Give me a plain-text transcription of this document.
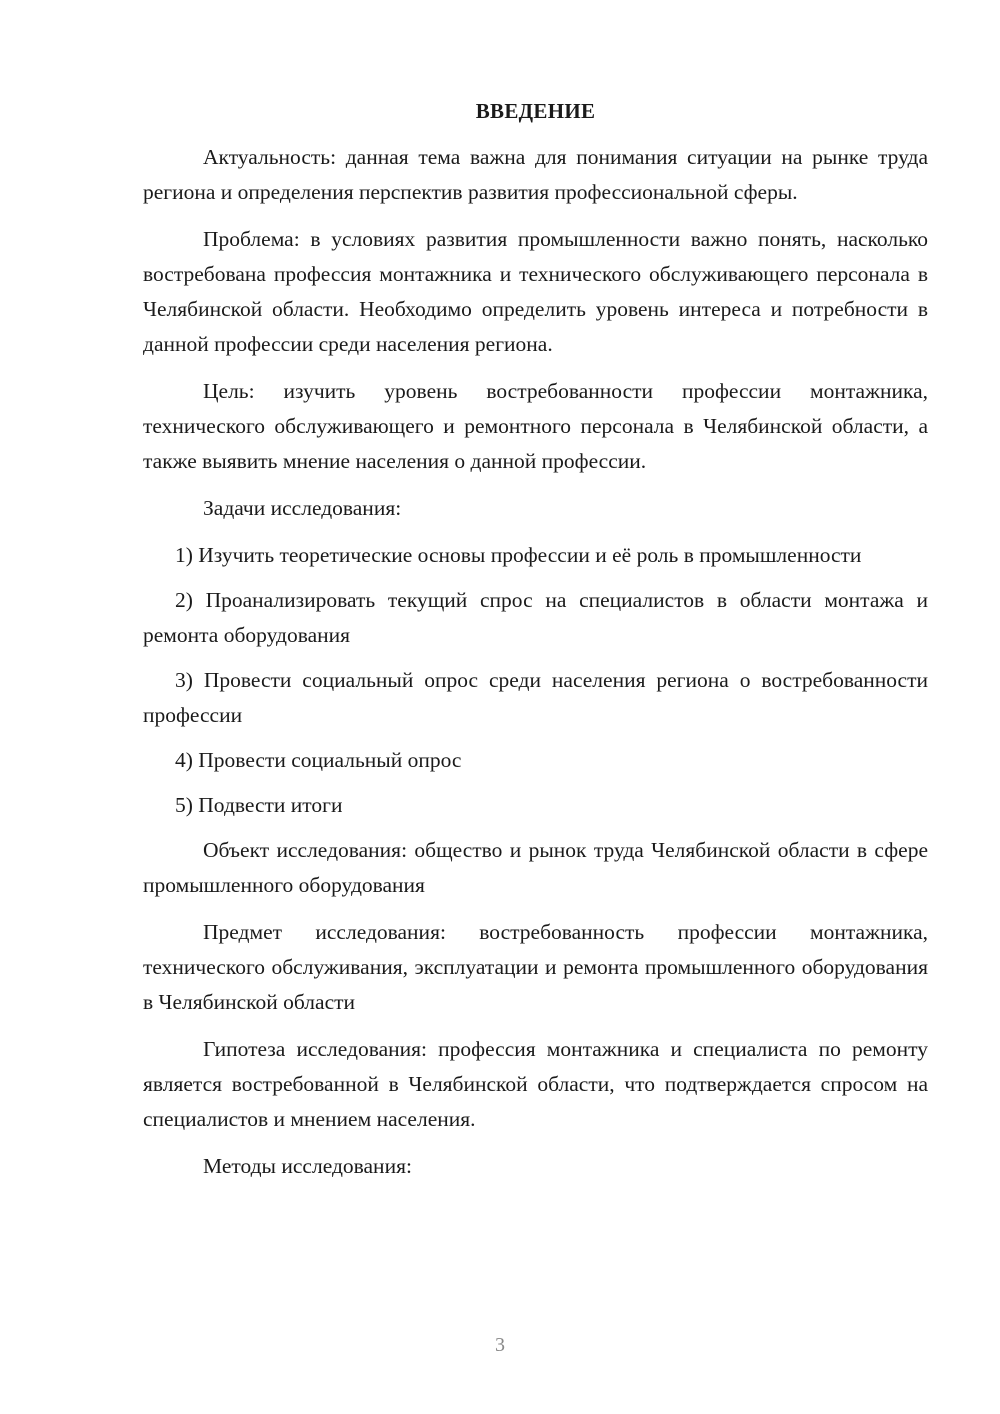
ВВЕДЕНИЕ

Актуальность: данная тема важна для понимания ситуации на рынке труда региона и определения перспектив развития профессиональной сферы.

Проблема: в условиях развития промышленности важно понять, насколько востребована профессия монтажника и технического обслуживающего персонала в Челябинской области. Необходимо определить уровень интереса и потребности в данной профессии среди населения региона.

Цель: изучить уровень востребованности профессии монтажника, технического обслуживающего и ремонтного персонала в Челябинской области, а также выявить мнение населения о данной профессии.

Задачи исследования:

1) Изучить теоретические основы профессии и её роль в промышленности

2) Проанализировать текущий спрос на специалистов в области монтажа и ремонта оборудования

3) Провести социальный опрос среди населения региона о востребованности профессии

4) Провести социальный опрос

5) Подвести итоги

Объект исследования: общество и рынок труда Челябинской области в сфере промышленного оборудования

Предмет исследования: востребованность профессии монтажника, технического обслуживания, эксплуатации и ремонта промышленного оборудования в Челябинской области

Гипотеза исследования: профессия монтажника и специалиста по ремонту является востребованной в Челябинской области, что подтверждается спросом на специалистов и мнением населения.

Методы исследования:

3
